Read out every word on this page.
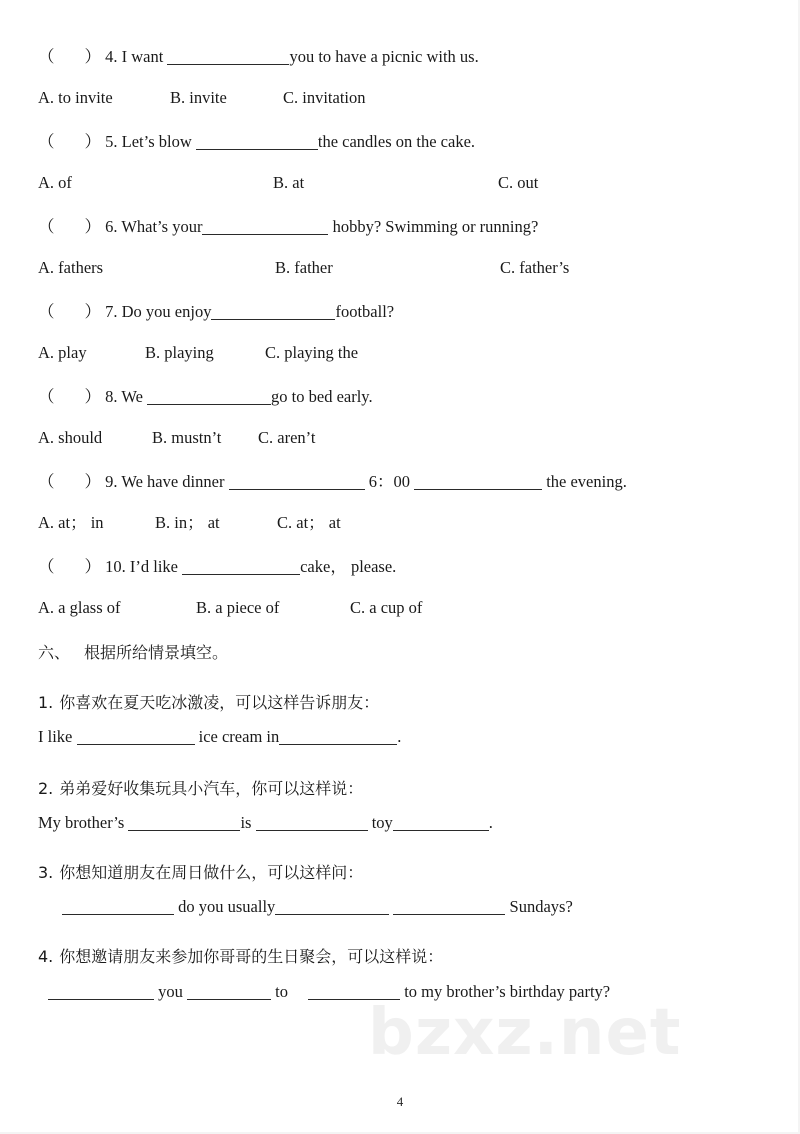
（ ） 4. I want	you to have a picnic with us.
A. to invite	B. invite	C. invitation
（ ） 5. Let’s blow	the candles on the cake.
A. of	B. at	C. out
（ ） 6. What’s your	hobby? Swimming or running?
A. fathers	B. father	C. father’s
（ ） 7. Do you enjoy	football?
A. play	B. playing	C. playing the
（ ） 8. We	go to bed early.
A. should	B. mustn’t C. aren’t
（ ） 9. We have dinner	6：00	the evening.
A. at； in	B. in； at	C. at； at
（ ） 10. I’d like	cake， please.
A. a glass of	B. a piece of	C. a cup of
六、 根据所给情景填空。
1. 你喜欢在夏天吃冰激凌，可以这样告诉朋友：
I like	ice cream in	.
2. 弟弟爱好收集玩具小汽车，你可以这样说：
My brother’s	is	toy	.
3. 你想知道朋友在周日做什么，可以这样问：
do you usually	Sundays?
4. 你想邀请朋友来参加你哥哥的生日聚会，可以这样说：
you	to	to my brother’s birthday party?
bzxz.net
4
